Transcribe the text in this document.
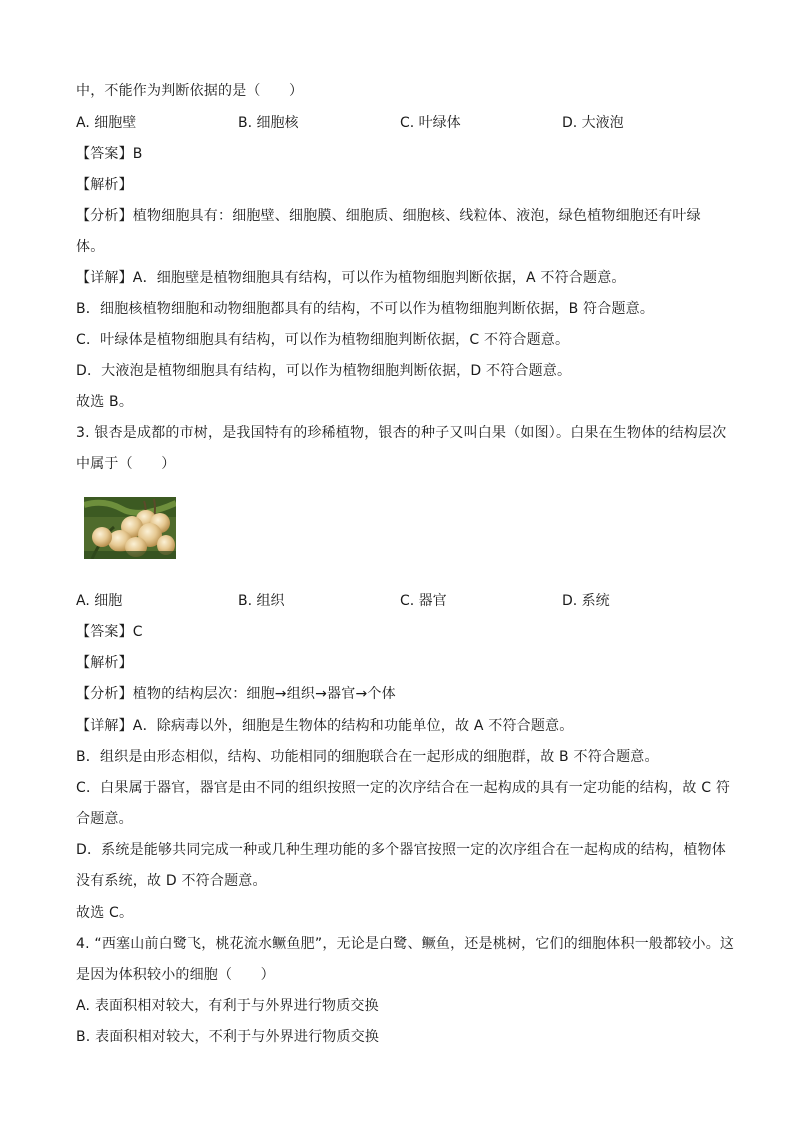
中，不能作为判断依据的是（　　）
A. 细胞壁	B. 细胞核	C. 叶绿体	D. 大液泡
【答案】B
【解析】
【分析】植物细胞具有：细胞壁、细胞膜、细胞质、细胞核、线粒体、液泡，绿色植物细胞还有叶绿
体。
【详解】A．细胞壁是植物细胞具有结构，可以作为植物细胞判断依据，A 不符合题意。
B．细胞核植物细胞和动物细胞都具有的结构，不可以作为植物细胞判断依据，B 符合题意。
C．叶绿体是植物细胞具有结构，可以作为植物细胞判断依据，C 不符合题意。
D．大液泡是植物细胞具有结构，可以作为植物细胞判断依据，D 不符合题意。
故选 B。
3. 银杏是成都的市树，是我国特有的珍稀植物，银杏的种子又叫白果（如图）。白果在生物体的结构层次
中属于（　　）
A. 细胞	B. 组织	C. 器官	D. 系统
【答案】C
【解析】
【分析】植物的结构层次：细胞→组织→器官→个体
【详解】A．除病毒以外，细胞是生物体的结构和功能单位，故 A 不符合题意。
B．组织是由形态相似，结构、功能相同的细胞联合在一起形成的细胞群，故 B 不符合题意。
C．白果属于器官，器官是由不同的组织按照一定的次序结合在一起构成的具有一定功能的结构，故 C 符
合题意。
D．系统是能够共同完成一种或几种生理功能的多个器官按照一定的次序组合在一起构成的结构，植物体
没有系统，故 D 不符合题意。
故选 C。
4. “西塞山前白鹭飞，桃花流水鳜鱼肥”，无论是白鹭、鳜鱼，还是桃树，它们的细胞体积一般都较小。这
是因为体积较小的细胞（　　）
A. 表面积相对较大，有利于与外界进行物质交换
B. 表面积相对较大，不利于与外界进行物质交换
